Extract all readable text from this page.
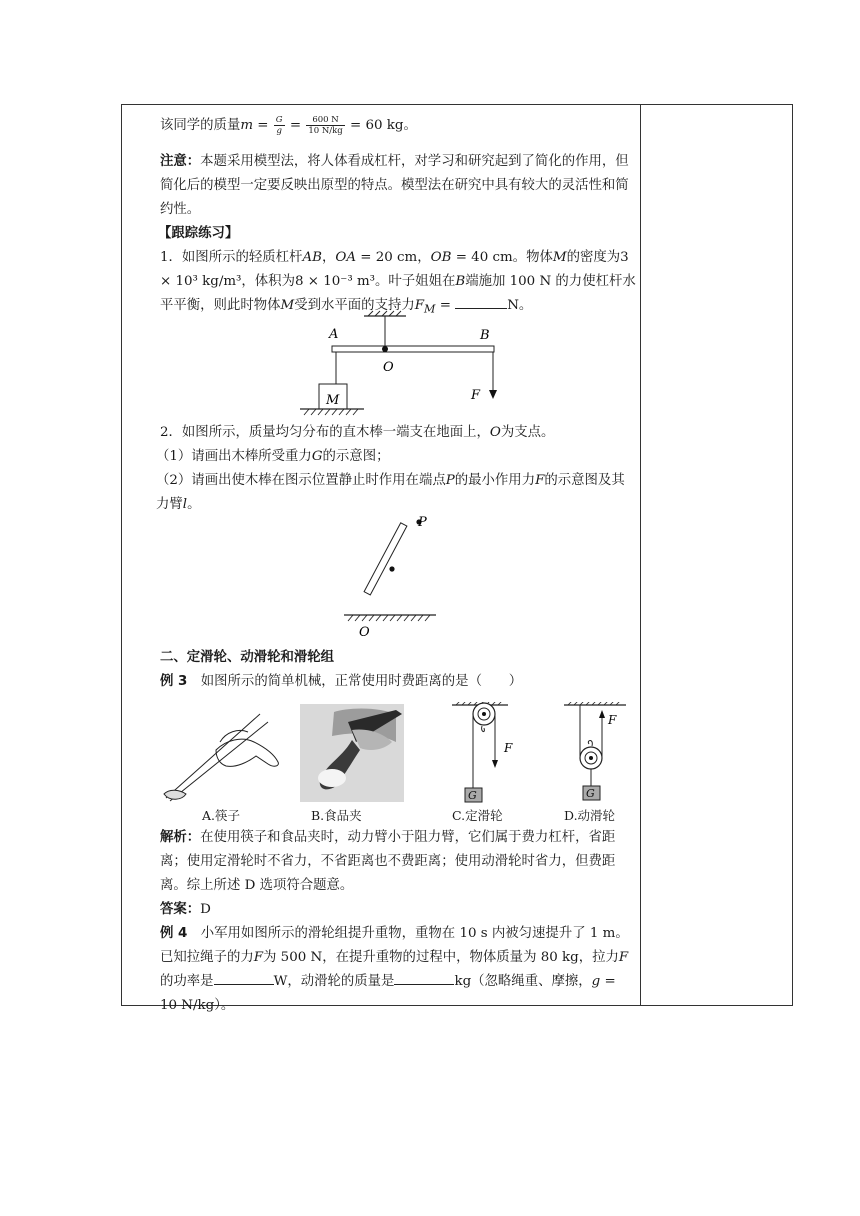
该同学的质量$m = \frac{G}{g} = \frac{600 N}{10 N/kg} = 60$ kg。

注意：本题采用模型法，将人体看成杠杆，对学习和研究起到了简化的作用，但简化后的模型一定要反映出原型的特点。模型法在研究中具有较大的灵活性和简约性。

【跟踪练习】

1．如图所示的轻质杠杆AB，OA = 20 cm，OB = 40 cm。物体M的密度为3 × 10³ kg/m³，体积为8 × 10⁻³ m³。叶子姐姐在B端施加 100 N 的力使杠杆水平平衡，则此时物体M受到水平面的支持力$F_M$ =	N。

A	B
O
F
M

2．如图所示，质量均匀分布的直木棒一端支在地面上，O为支点。

（1）请画出木棒所受重力G的示意图；

（2）请画出使木棒在图示位置静止时作用在端点P的最小作用力F的示意图及其力臂l。

P
O

二、定滑轮、动滑轮和滑轮组

例 3　如图所示的简单机械，正常使用时费距离的是（　　）

G
F
G
F
A.筷子	B.食品夹	C.定滑轮	D.动滑轮

解析：在使用筷子和食品夹时，动力臂小于阻力臂，它们属于费力杠杆，省距离；使用定滑轮时不省力，不省距离也不费距离；使用动滑轮时省力，但费距离。综上所述 D 选项符合题意。

答案：D

例 4　小军用如图所示的滑轮组提升重物，重物在 10 s 内被匀速提升了 1 m。已知拉绳子的力F为 500 N，在提升重物的过程中，物体质量为 80 kg，拉力F的功率是	W，动滑轮的质量是	kg（忽略绳重、摩擦，g = 10 N/kg）。
